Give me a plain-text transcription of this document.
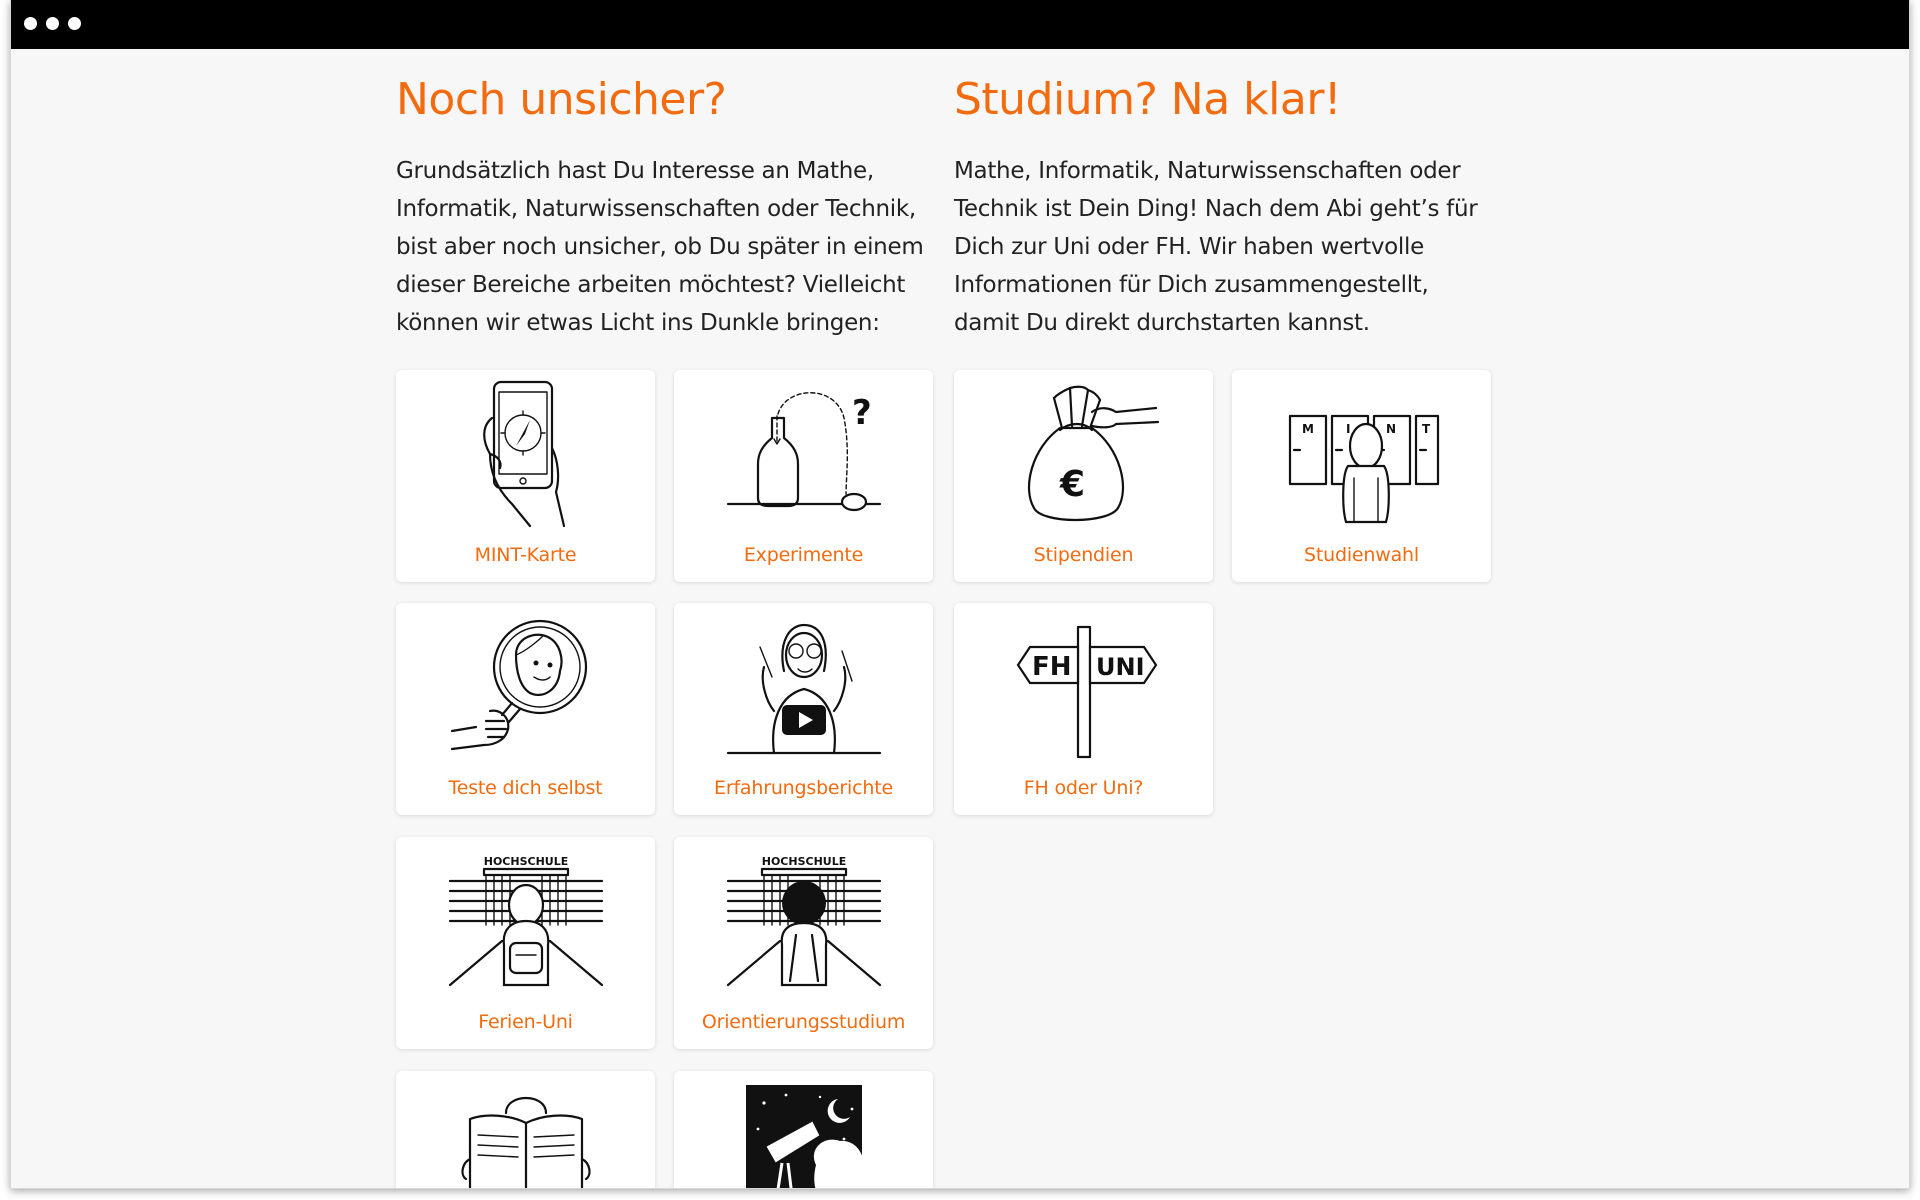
Noch unsicher?

Grundsätzlich hast Du Interesse an Mathe, Informatik, Naturwissenschaften oder Technik, bist aber noch unsicher, ob Du später in einem dieser Bereiche arbeiten möchtest? Vielleicht können wir etwas Licht ins Dunkle bringen:

Studium? Na klar!

Mathe, Informatik, Naturwissenschaften oder Technik ist Dein Ding! Nach dem Abi geht’s für Dich zur Uni oder FH. Wir haben wertvolle Informationen für Dich zusammengestellt, damit Du direkt durchstarten kannst.

MINT-Karte
?
Experimente
€
Stipendien
M	I	N T
Studienwahl
Teste dich selbst	Erfahrungsberichte
FH UNI
FH oder Uni?
HOCHSCHULE
Ferien-Uni
HOCHSCHULE
Orientierungsstudium
